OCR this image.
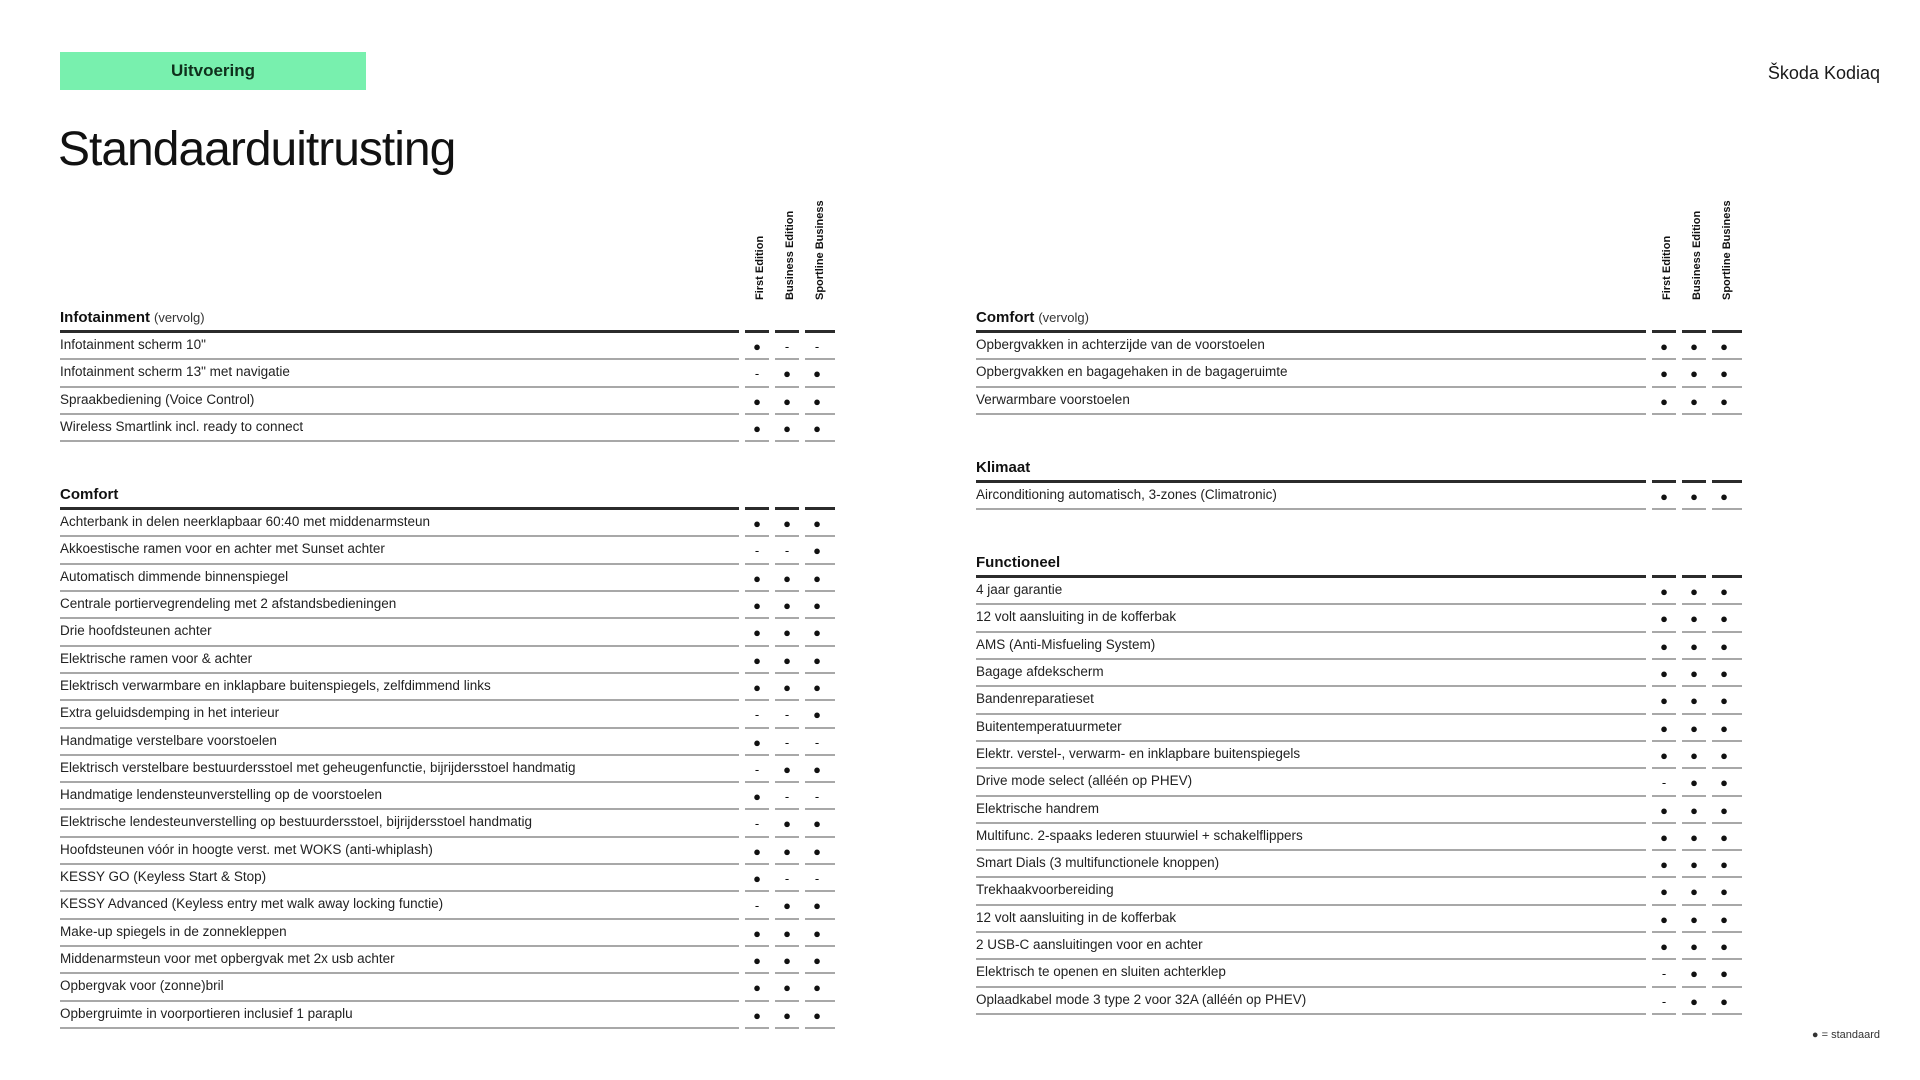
Uitvoering	Škoda Kodiaq
Standaarduitrusting
First Edition Business Edition Sportline Business	First Edition Business Edition Sportline Business
Infotainment (vervolg)
Infotainment scherm 10"	●	-	-
Infotainment scherm 13" met navigatie	-	●	●
Spraakbediening (Voice Control)	●	●	●
Wireless Smartlink incl. ready to connect	●	●	●
Comfort
Achterbank in delen neerklapbaar 60:40 met middenarmsteun	●	●	●
Akkoestische ramen voor en achter met Sunset achter	-	-	●
Automatisch dimmende binnenspiegel	●	●	●
Centrale portiervegrendeling met 2 afstandsbedieningen	●	●	●
Drie hoofdsteunen achter	●	●	●
Elektrische ramen voor & achter	●	●	●
Elektrisch verwarmbare en inklapbare buitenspiegels, zelfdimmend links	●	●	●
Extra geluidsdemping in het interieur	-	-	●
Handmatige verstelbare voorstoelen	●	-	-
Elektrisch verstelbare bestuurdersstoel met geheugenfunctie, bijrijdersstoel handmatig	-	●	●
Handmatige lendensteunverstelling op de voorstoelen	●	-	-
Elektrische lendesteunverstelling op bestuurdersstoel, bijrijdersstoel handmatig	-	●	●
Hoofdsteunen vóór in hoogte verst. met WOKS (anti-whiplash)	●	●	●
KESSY GO (Keyless Start & Stop)	●	-	-
KESSY Advanced (Keyless entry met walk away locking functie)	-	●	●
Make-up spiegels in de zonnekleppen	●	●	●
Middenarmsteun voor met opbergvak met 2x usb achter	●	●	●
Opbergvak voor (zonne)bril	●	●	●
Opbergruimte in voorportieren inclusief 1 paraplu	●	●	●
Comfort (vervolg)
Opbergvakken in achterzijde van de voorstoelen	●	●	●
Opbergvakken en bagagehaken in de bagageruimte	●	●	●
Verwarmbare voorstoelen	●	●	●
Klimaat
Airconditioning automatisch, 3-zones (Climatronic)	●	●	●
Functioneel
4 jaar garantie	●	●	●
12 volt aansluiting in de kofferbak	●	●	●
AMS (Anti-Misfueling System)	●	●	●
Bagage afdekscherm	●	●	●
Bandenreparatieset	●	●	●
Buitentemperatuurmeter	●	●	●
Elektr. verstel-, verwarm- en inklapbare buitenspiegels	●	●	●
Drive mode select (alléén op PHEV)	-	●	●
Elektrische handrem	●	●	●
Multifunc. 2-spaaks lederen stuurwiel + schakelflippers	●	●	●
Smart Dials (3 multifunctionele knoppen)	●	●	●
Trekhaakvoorbereiding	●	●	●
12 volt aansluiting in de kofferbak	●	●	●
2 USB-C aansluitingen voor en achter	●	●	●
Elektrisch te openen en sluiten achterklep	-	●	●
Oplaadkabel mode 3 type 2 voor 32A (alléén op PHEV)	-	●	●
● = standaard
